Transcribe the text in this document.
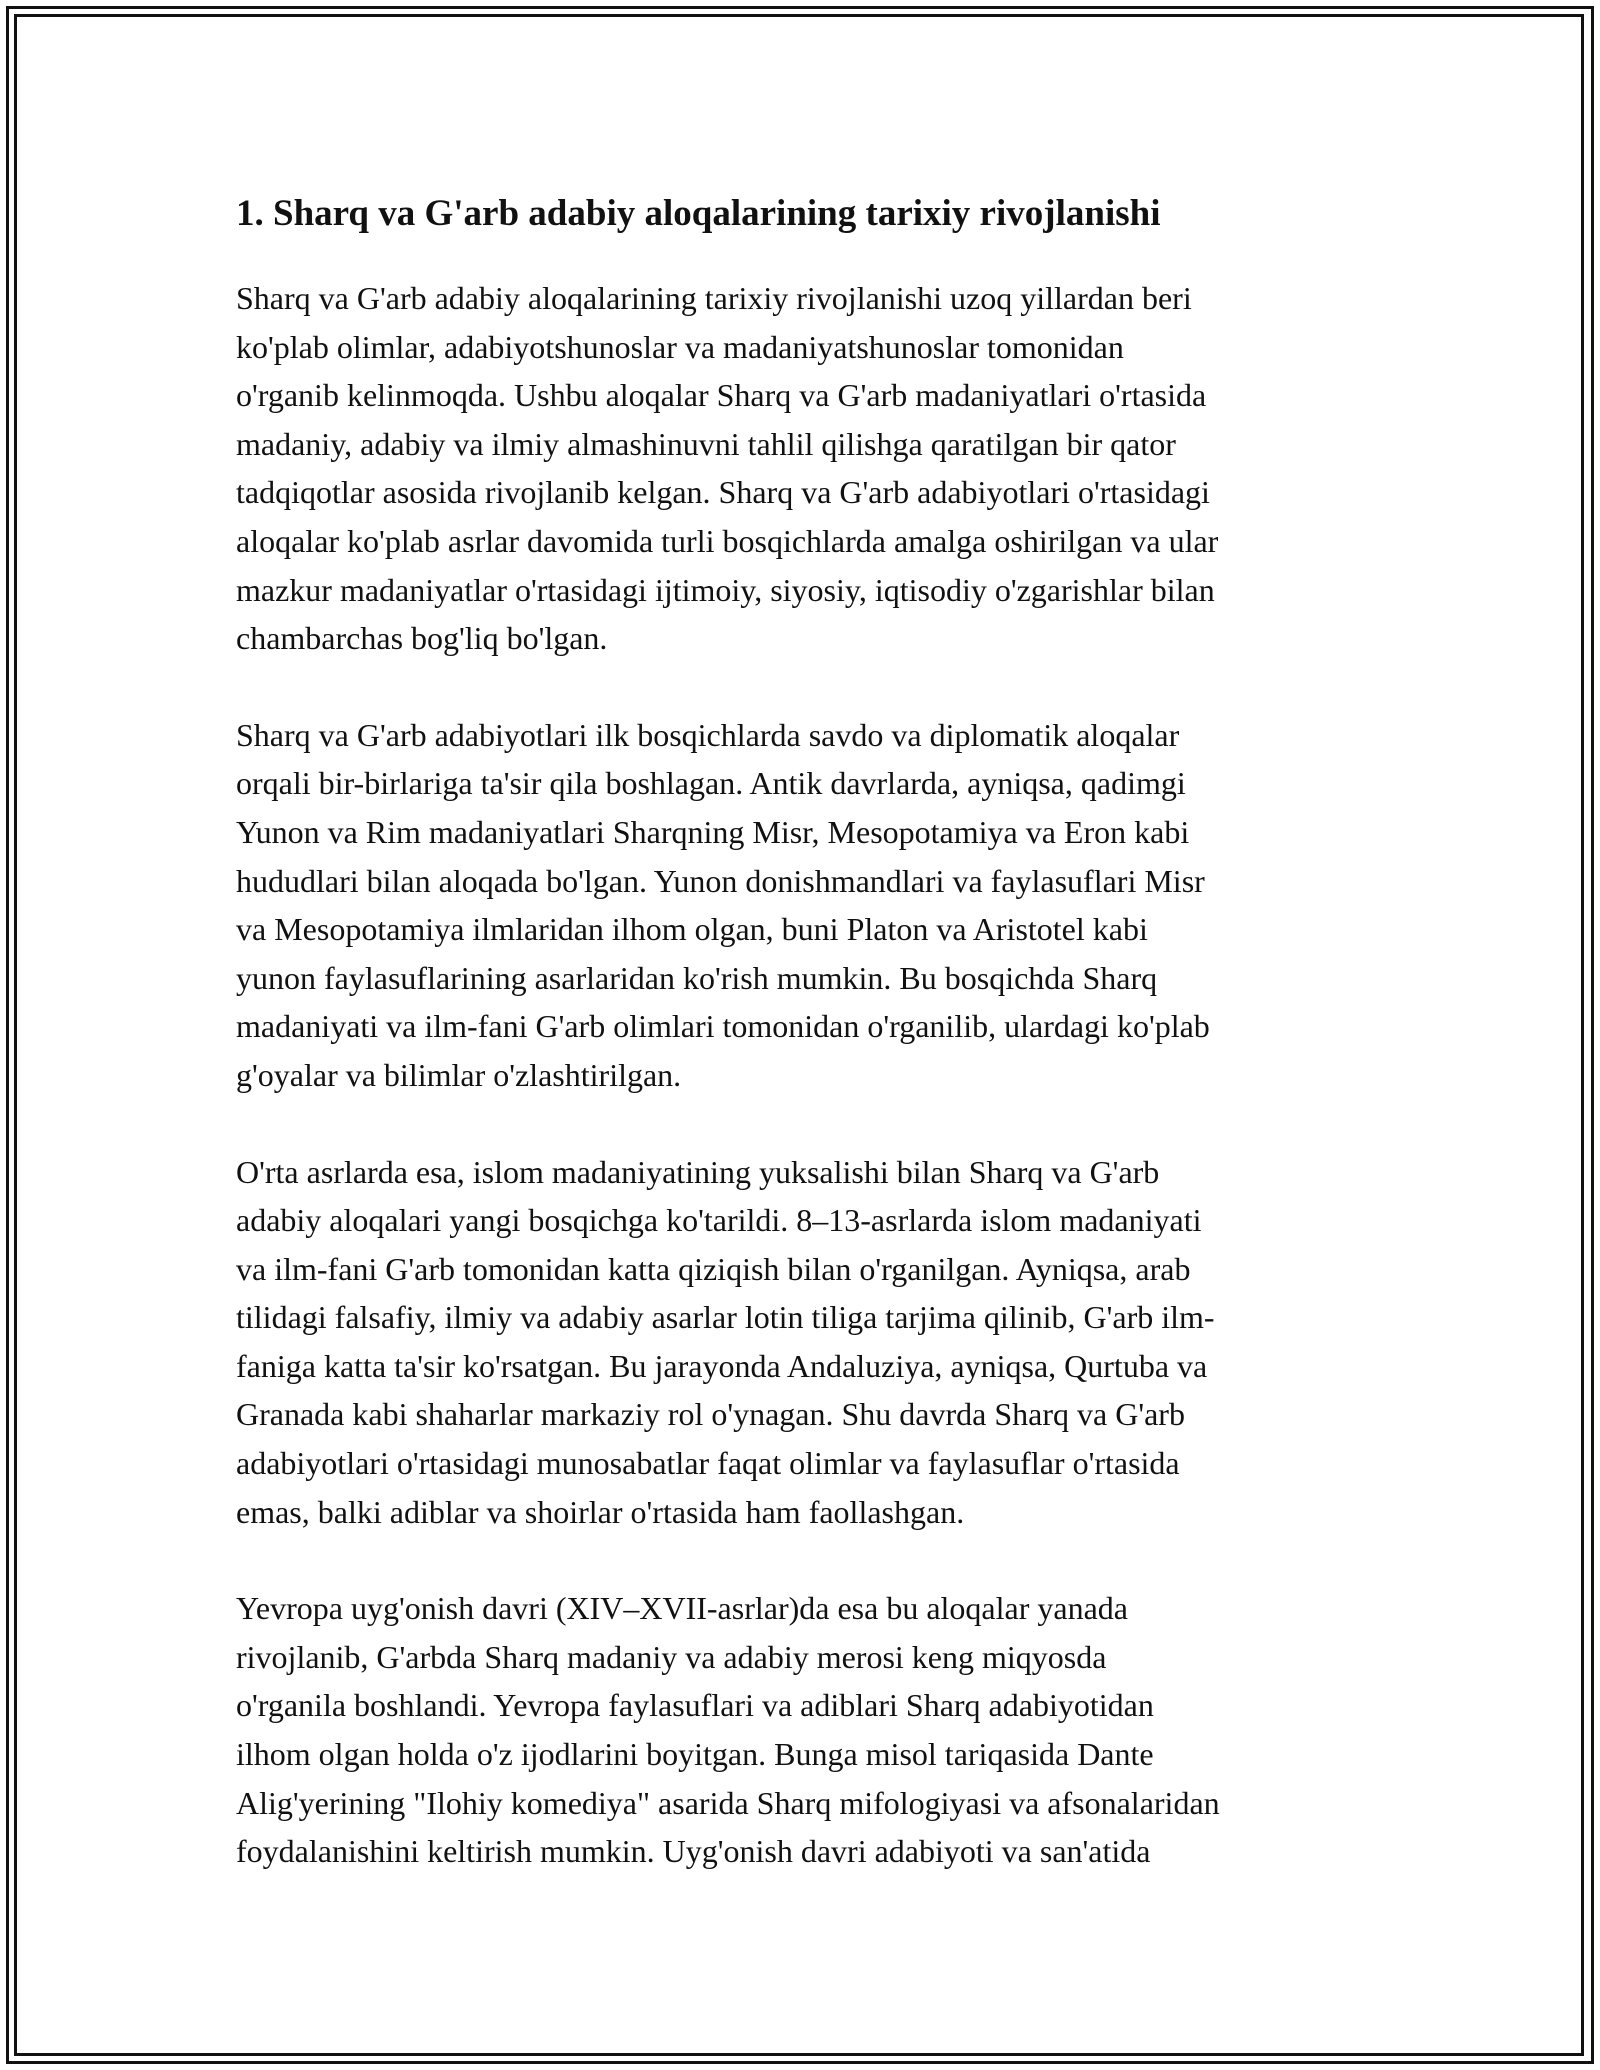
1. Sharq va G'arb adabiy aloqalarining tarixiy rivojlanishi
Sharq va G'arb adabiy aloqalarining tarixiy rivojlanishi uzoq yillardan beri
ko'plab olimlar, adabiyotshunoslar va madaniyatshunoslar tomonidan
o'rganib kelinmoqda. Ushbu aloqalar Sharq va G'arb madaniyatlari o'rtasida
madaniy, adabiy va ilmiy almashinuvni tahlil qilishga qaratilgan bir qator
tadqiqotlar asosida rivojlanib kelgan. Sharq va G'arb adabiyotlari o'rtasidagi
aloqalar ko'plab asrlar davomida turli bosqichlarda amalga oshirilgan va ular
mazkur madaniyatlar o'rtasidagi ijtimoiy, siyosiy, iqtisodiy o'zgarishlar bilan
chambarchas bog'liq bo'lgan.
Sharq va G'arb adabiyotlari ilk bosqichlarda savdo va diplomatik aloqalar
orqali bir-birlariga ta'sir qila boshlagan. Antik davrlarda, ayniqsa, qadimgi
Yunon va Rim madaniyatlari Sharqning Misr, Mesopotamiya va Eron kabi
hududlari bilan aloqada bo'lgan. Yunon donishmandlari va faylasuflari Misr
va Mesopotamiya ilmlaridan ilhom olgan, buni Platon va Aristotel kabi
yunon faylasuflarining asarlaridan ko'rish mumkin. Bu bosqichda Sharq
madaniyati va ilm-fani G'arb olimlari tomonidan o'rganilib, ulardagi ko'plab
g'oyalar va bilimlar o'zlashtirilgan.
O'rta asrlarda esa, islom madaniyatining yuksalishi bilan Sharq va G'arb
adabiy aloqalari yangi bosqichga ko'tarildi. 8–13-asrlarda islom madaniyati
va ilm-fani G'arb tomonidan katta qiziqish bilan o'rganilgan. Ayniqsa, arab
tilidagi falsafiy, ilmiy va adabiy asarlar lotin tiliga tarjima qilinib, G'arb ilm-
faniga katta ta'sir ko'rsatgan. Bu jarayonda Andaluziya, ayniqsa, Qurtuba va
Granada kabi shaharlar markaziy rol o'ynagan. Shu davrda Sharq va G'arb
adabiyotlari o'rtasidagi munosabatlar faqat olimlar va faylasuflar o'rtasida
emas, balki adiblar va shoirlar o'rtasida ham faollashgan.
Yevropa uyg'onish davri (XIV–XVII-asrlar)da esa bu aloqalar yanada
rivojlanib, G'arbda Sharq madaniy va adabiy merosi keng miqyosda
o'rganila boshlandi. Yevropa faylasuflari va adiblari Sharq adabiyotidan
ilhom olgan holda o'z ijodlarini boyitgan. Bunga misol tariqasida Dante
Alig'yerining "Ilohiy komediya" asarida Sharq mifologiyasi va afsonalaridan
foydalanishini keltirish mumkin. Uyg'onish davri adabiyoti va san'atida
